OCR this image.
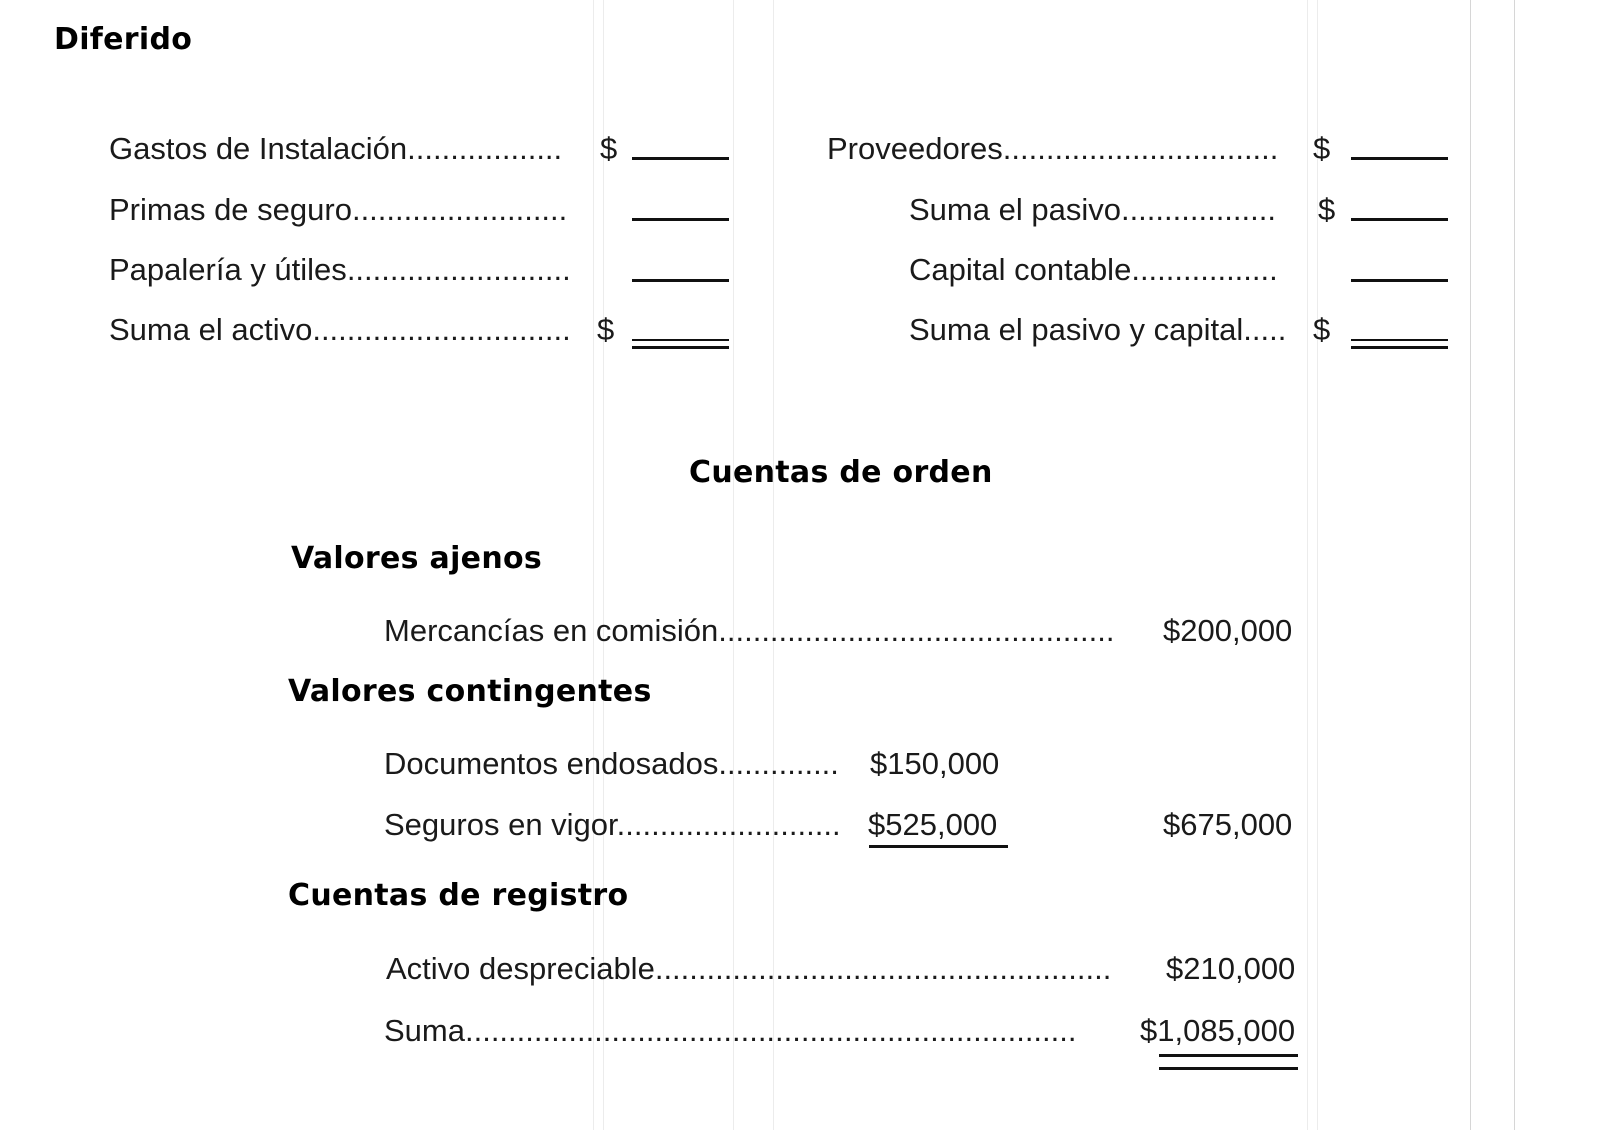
Diferido
Gastos de Instalación.................. $
Primas de seguro.........................
Papalería y útiles..........................
Suma el activo.............................. $
Proveedores................................ $
Suma el pasivo.................. $
Capital contable.................
Suma el pasivo y capital..... $
Cuentas de orden
Valores ajenos
Mercancías en comisión.............................................. $200,000
Valores contingentes
Documentos endosados.............. $150,000
Seguros en vigor.......................... $525,000	$675,000
Cuentas de registro
Activo despreciable..................................................... $210,000
Suma....................................................................... $1,085,000
